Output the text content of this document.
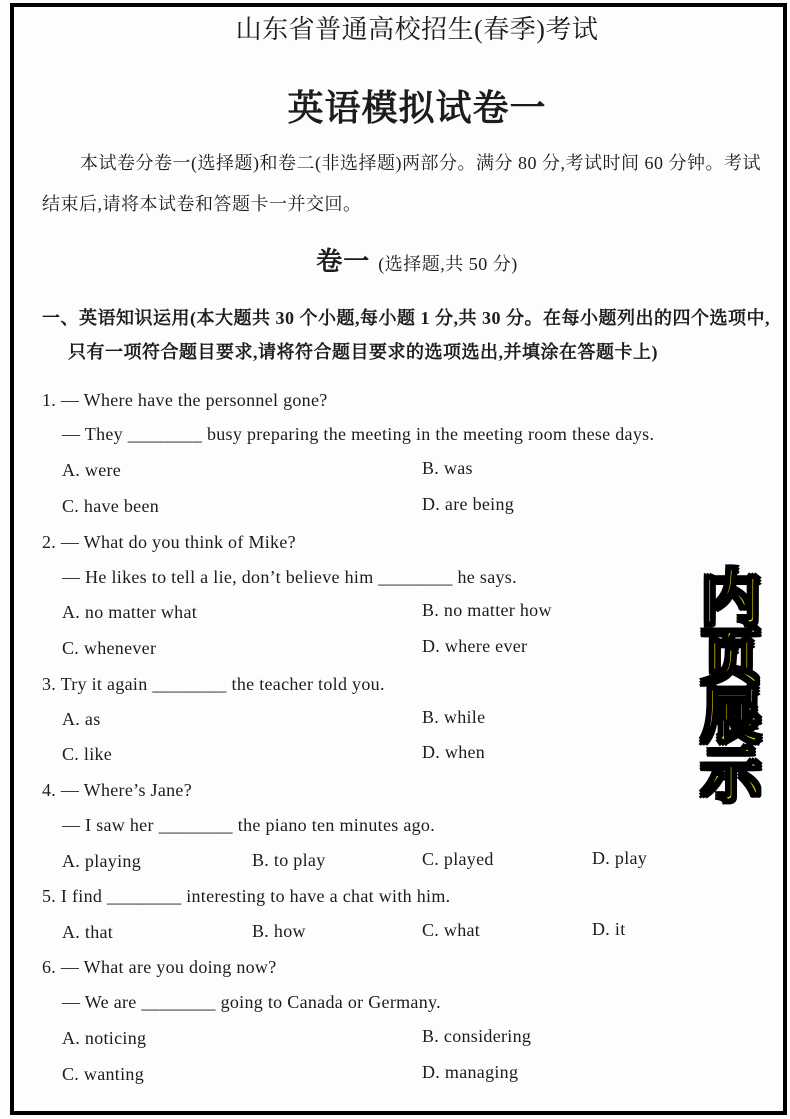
山东省普通高校招生(春季)考试
英语模拟试卷一
本试卷分卷一(选择题)和卷二(非选择题)两部分。满分 80 分,考试时间 60 分钟。考试
结束后,请将本试卷和答题卡一并交回。
卷一 (选择题,共 50 分)
一、英语知识运用(本大题共 30 个小题,每小题 1 分,共 30 分。在每小题列出的四个选项中,
只有一项符合题目要求,请将符合题目要求的选项选出,并填涂在答题卡上)
1. — Where have the personnel gone?
— They ________ busy preparing the meeting in the meeting room these days.
A. were	B. was
C. have been	D. are being
2. — What do you think of Mike?
— He likes to tell a lie, don’t believe him ________ he says.
A. no matter what	B. no matter how
C. whenever	D. where ever
3. Try it again ________ the teacher told you.
A. as	B. while
C. like	D. when
4. — Where’s Jane?
— I saw her ________ the piano ten minutes ago.
A. playing	B. to play	C. played	D. play
5. I find ________ interesting to have a chat with him.
A. that	B. how	C. what	D. it
6. — What are you doing now?
— We are ________ going to Canada or Germany.
A. noticing	B. considering
C. wanting	D. managing
内页展示
